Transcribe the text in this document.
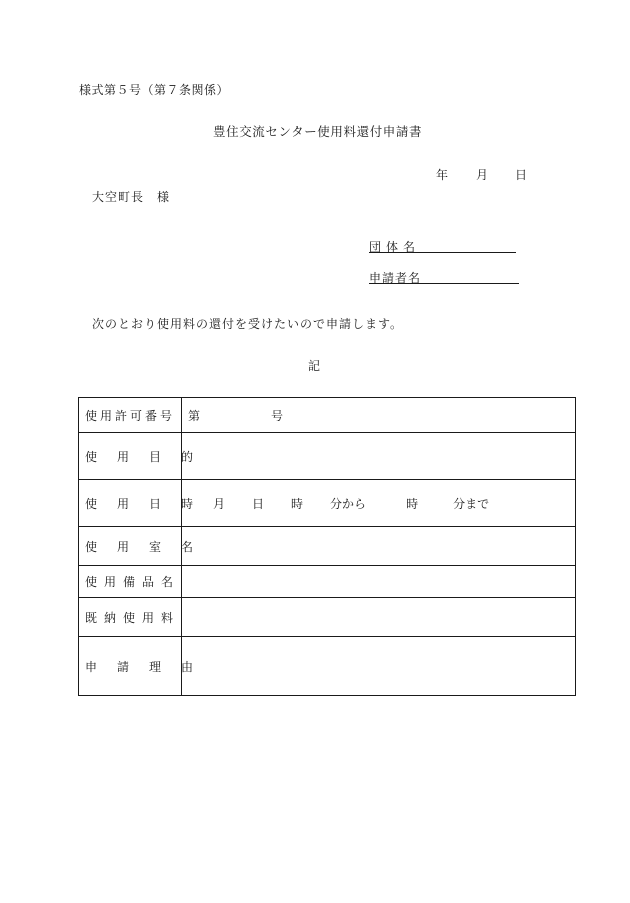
様式第５号（第７条関係）
豊住交流センター使用料還付申請書
年 月 日
大空町長 様
団体名
申請者名
次のとおり使用料の還付を受けたいので申請します。
記
使用許可番号	第 号
使用目的	
使用日時	月 日 時 分から 時 分まで
使用室名	
使用備品名	
既納使用料	
申請理由	
